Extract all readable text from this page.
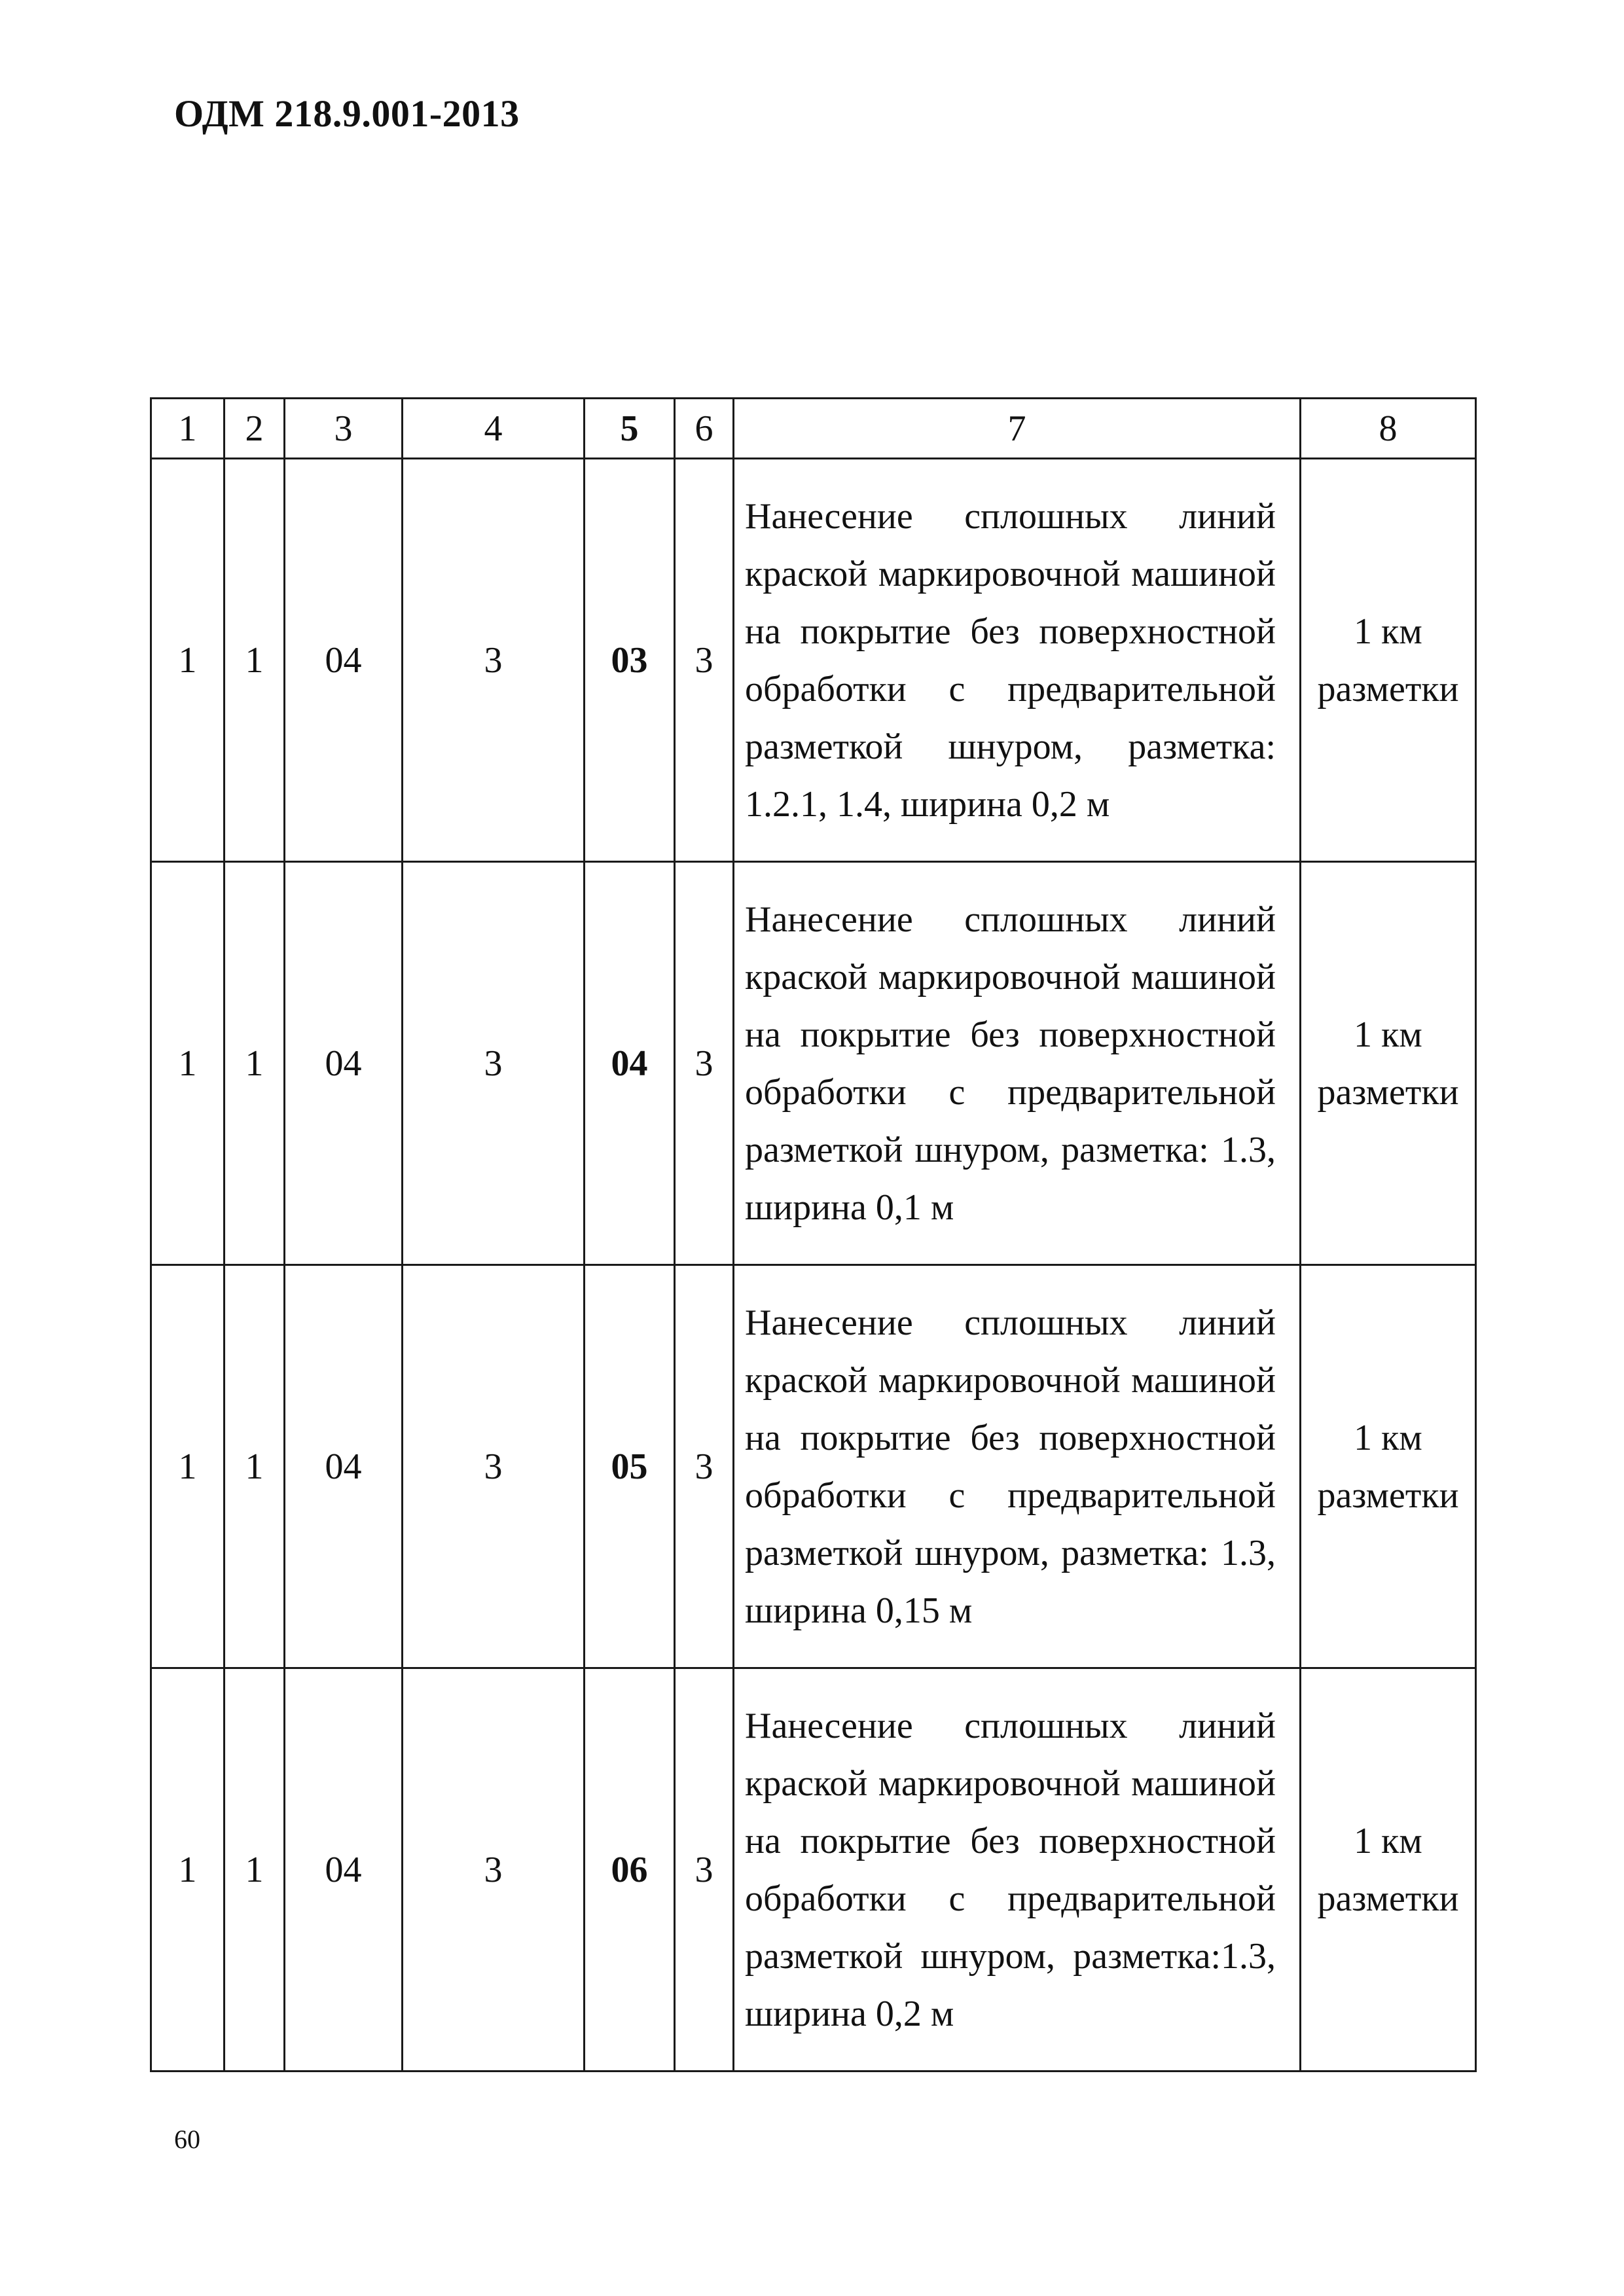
ОДМ 218.9.001-2013
1	2	3	4	5	6	7	8
1	1	04	3	03	3	Нанесение сплошных линий краской маркировочной машиной на покрытие без поверхностной обработки с предварительной разметкой шнуром, разметка: 1.2.1, 1.4, ширина 0,2 м	1 км разметки
1	1	04	3	04	3	Нанесение сплошных линий краской маркировочной машиной на покрытие без поверхностной обработки с предварительной разметкой шнуром, разметка: 1.3, ширина 0,1 м	1 км разметки
1	1	04	3	05	3	Нанесение сплошных линий краской маркировочной машиной на покрытие без поверхностной обработки с предварительной разметкой шнуром, разметка: 1.3, ширина 0,15 м	1 км разметки
1	1	04	3	06	3	Нанесение сплошных линий краской маркировочной машиной на покрытие без поверхностной обработки с предварительной разметкой шнуром, разметка:1.3, ширина 0,2 м	1 км разметки
60
